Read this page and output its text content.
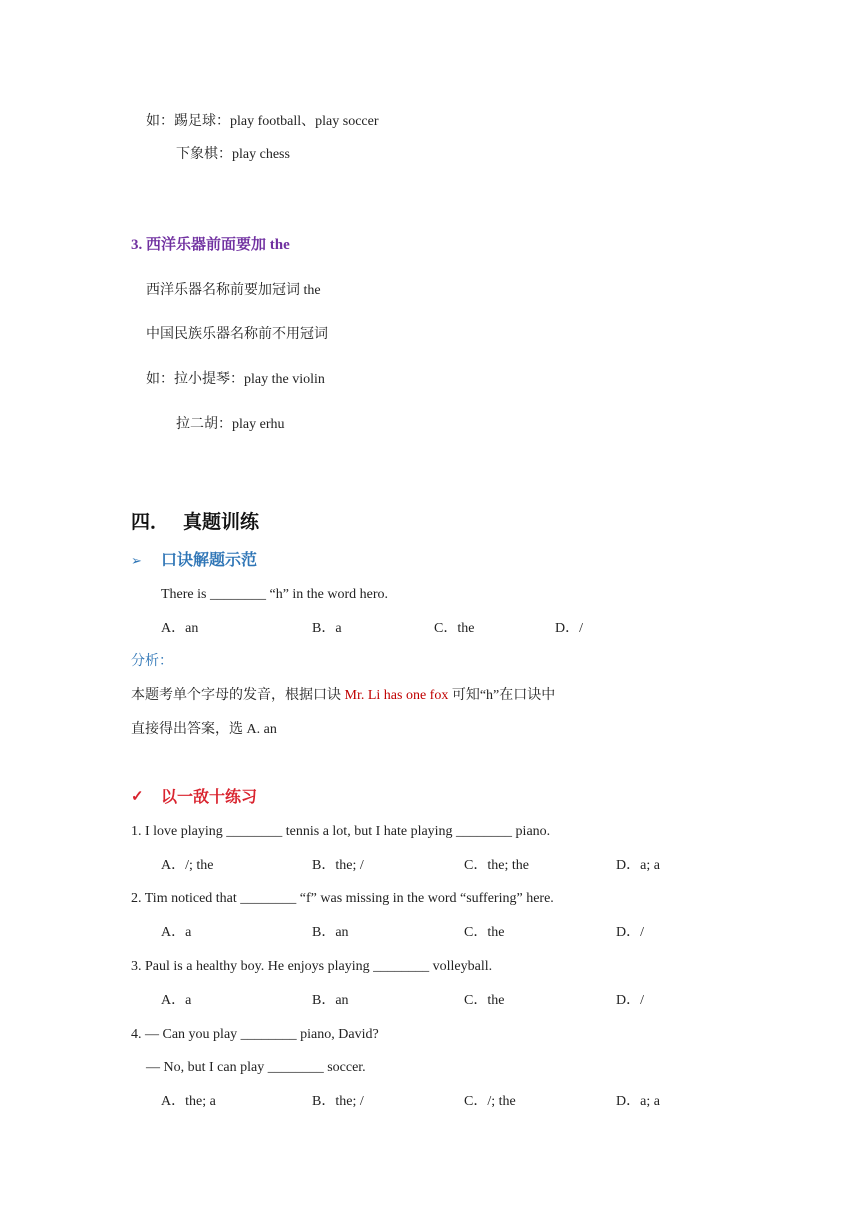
如：踢足球：play football、play soccer
下象棋：play chess
3. 西洋乐器前面要加 the
西洋乐器名称前要加冠词 the
中国民族乐器名称前不用冠词
如：拉小提琴：play the violin
拉二胡：play erhu
四． 真题训练
➢ 口诀解题示范
There is ________ “h” in the word hero.
A．an	B．a	C．the	D．/
分析：
本题考单个字母的发音，根据口诀 Mr. Li has one fox 可知“h”在口诀中
直接得出答案，选 A. an
✓ 以一敌十练习
1. I love playing ________ tennis a lot, but I hate playing ________ piano.
A．/; the	B．the; /	C．the; the	D．a; a
2. Tim noticed that ________ “f” was missing in the word “suffering” here.
A．a	B．an	C．the	D．/
3. Paul is a healthy boy. He enjoys playing ________ volleyball.
A．a	B．an	C．the	D．/
4. — Can you play ________ piano, David?
— No, but I can play ________ soccer.
A．the; a	B．the; /	C．/; the	D．a; a
